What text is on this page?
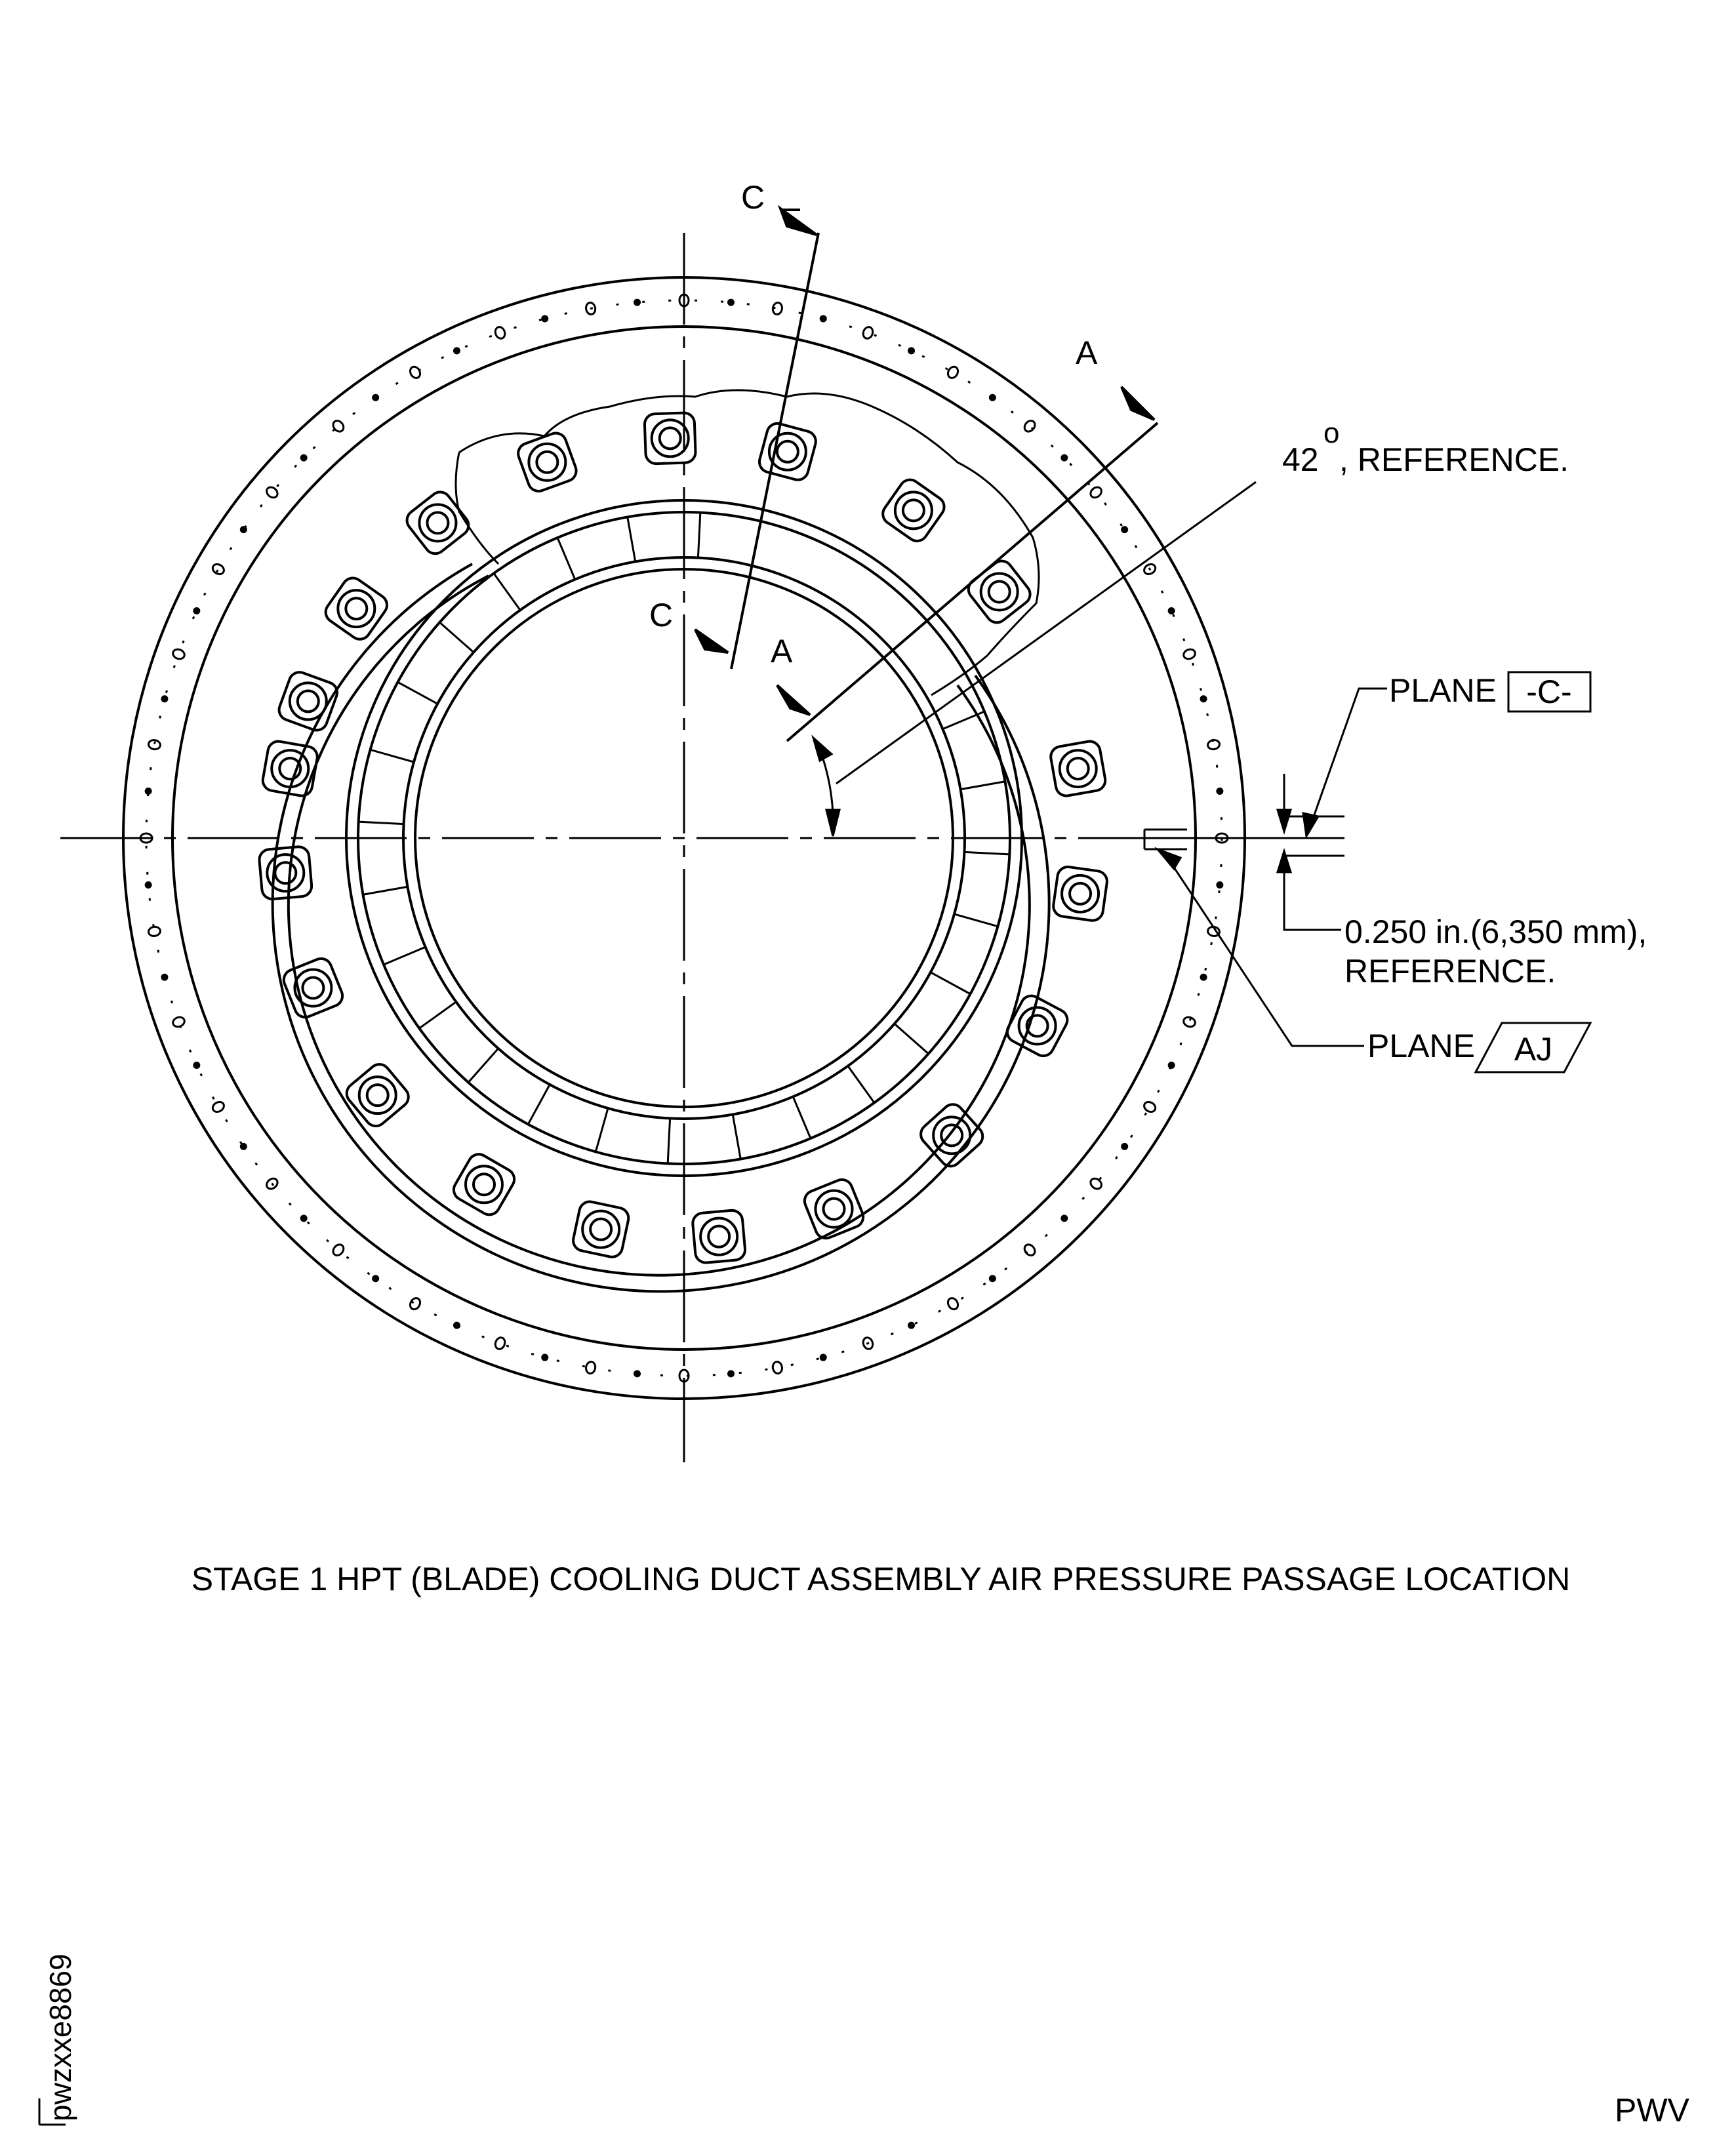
C
C
A
A
42
o
, REFERENCE.
PLANE -C-
0.250 in.(6,350 mm),
REFERENCE.
PLANE AJ
STAGE 1 HPT (BLADE) COOLING DUCT ASSEMBLY AIR PRESSURE PASSAGE LOCATION
pwzxxe8869	PWV
